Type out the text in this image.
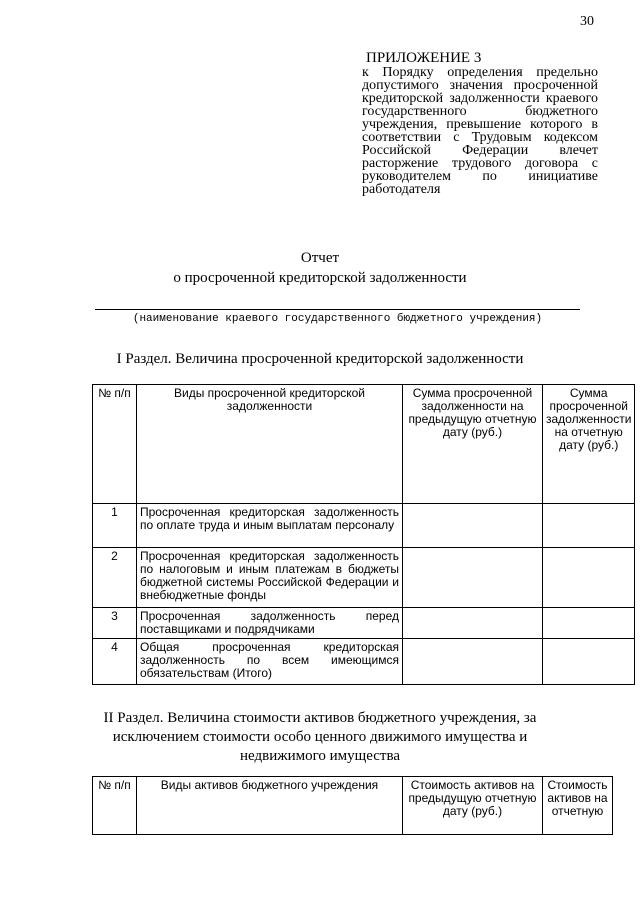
30
ПРИЛОЖЕНИЕ 3
к Порядку определения предельно допустимого значения просроченной кредиторской задолженности краевого государственного бюджетного учреждения, превышение которого в соответствии с Трудовым кодексом Российской Федерации влечет расторжение трудового договора с руководителем по инициативе работодателя
Отчет
о просроченной кредиторской задолженности
(наименование краевого государственного бюджетного учреждения)
I Раздел. Величина просроченной кредиторской задолженности
№ п/п	Виды просроченной кредиторской задолженности	Сумма просроченной задолженности на предыдущую отчетную дату (руб.)	Сумма просроченной задолженности на отчетную дату (руб.)
1	Просроченная кредиторская задолженность по оплате труда и иным выплатам персоналу		
2	Просроченная кредиторская задолженность по налоговым и иным платежам в бюджеты бюджетной системы Российской Федерации и внебюджетные фонды		
3	Просроченная задолженность перед поставщиками и подрядчиками		
4	Общая просроченная кредиторская задолженность по всем имеющимся обязательствам (Итого)		
II Раздел. Величина стоимости активов бюджетного учреждения, за
исключением стоимости особо ценного движимого имущества и
недвижимого имущества
№ п/п	Виды активов бюджетного учреждения	Стоимость активов на предыдущую отчетную дату (руб.)	Стоимость активов на отчетную
